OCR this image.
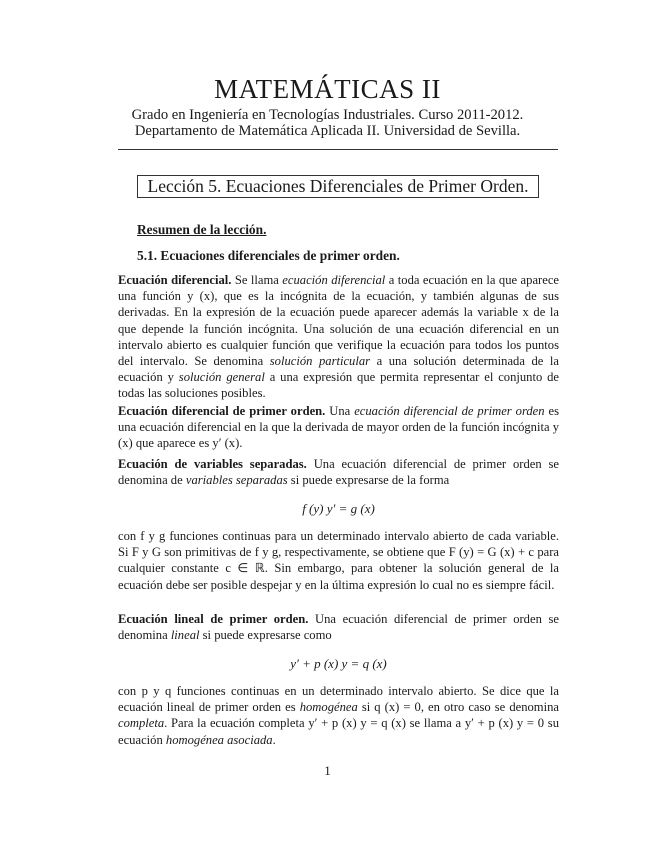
MATEMÁTICAS II
Grado en Ingeniería en Tecnologías Industriales. Curso 2011-2012.
Departamento de Matemática Aplicada II. Universidad de Sevilla.
Lección 5. Ecuaciones Diferenciales de Primer Orden.
Resumen de la lección.
5.1. Ecuaciones diferenciales de primer orden.
Ecuación diferencial. Se llama ecuación diferencial a toda ecuación en la que aparece una función y (x), que es la incógnita de la ecuación, y también algunas de sus derivadas. En la expresión de la ecuación puede aparecer además la variable x de la que depende la función incógnita. Una solución de una ecuación diferencial en un intervalo abierto es cualquier función que verifique la ecuación para todos los puntos del intervalo. Se denomina solución particular a una solución determinada de la ecuación y solución general a una expresión que permita representar el conjunto de todas las soluciones posibles.
Ecuación diferencial de primer orden. Una ecuación diferencial de primer orden es una ecuación diferencial en la que la derivada de mayor orden de la función incógnita y (x) que aparece es y′ (x).
Ecuación de variables separadas. Una ecuación diferencial de primer orden se denomina de variables separadas si puede expresarse de la forma
f (y) y′ = g (x)
con f y g funciones continuas para un determinado intervalo abierto de cada variable. Si F y G son primitivas de f y g, respectivamente, se obtiene que F (y) = G (x) + c para cualquier constante c ∈ ℝ. Sin embargo, para obtener la solución general de la ecuación debe ser posible despejar y en la última expresión lo cual no es siempre fácil.
Ecuación lineal de primer orden. Una ecuación diferencial de primer orden se denomina lineal si puede expresarse como
y′ + p (x) y = q (x)
con p y q funciones continuas en un determinado intervalo abierto. Se dice que la ecuación lineal de primer orden es homogénea si q (x) = 0, en otro caso se denomina completa. Para la ecuación completa y′ + p (x) y = q (x) se llama a y′ + p (x) y = 0 su ecuación homogénea asociada.
1
